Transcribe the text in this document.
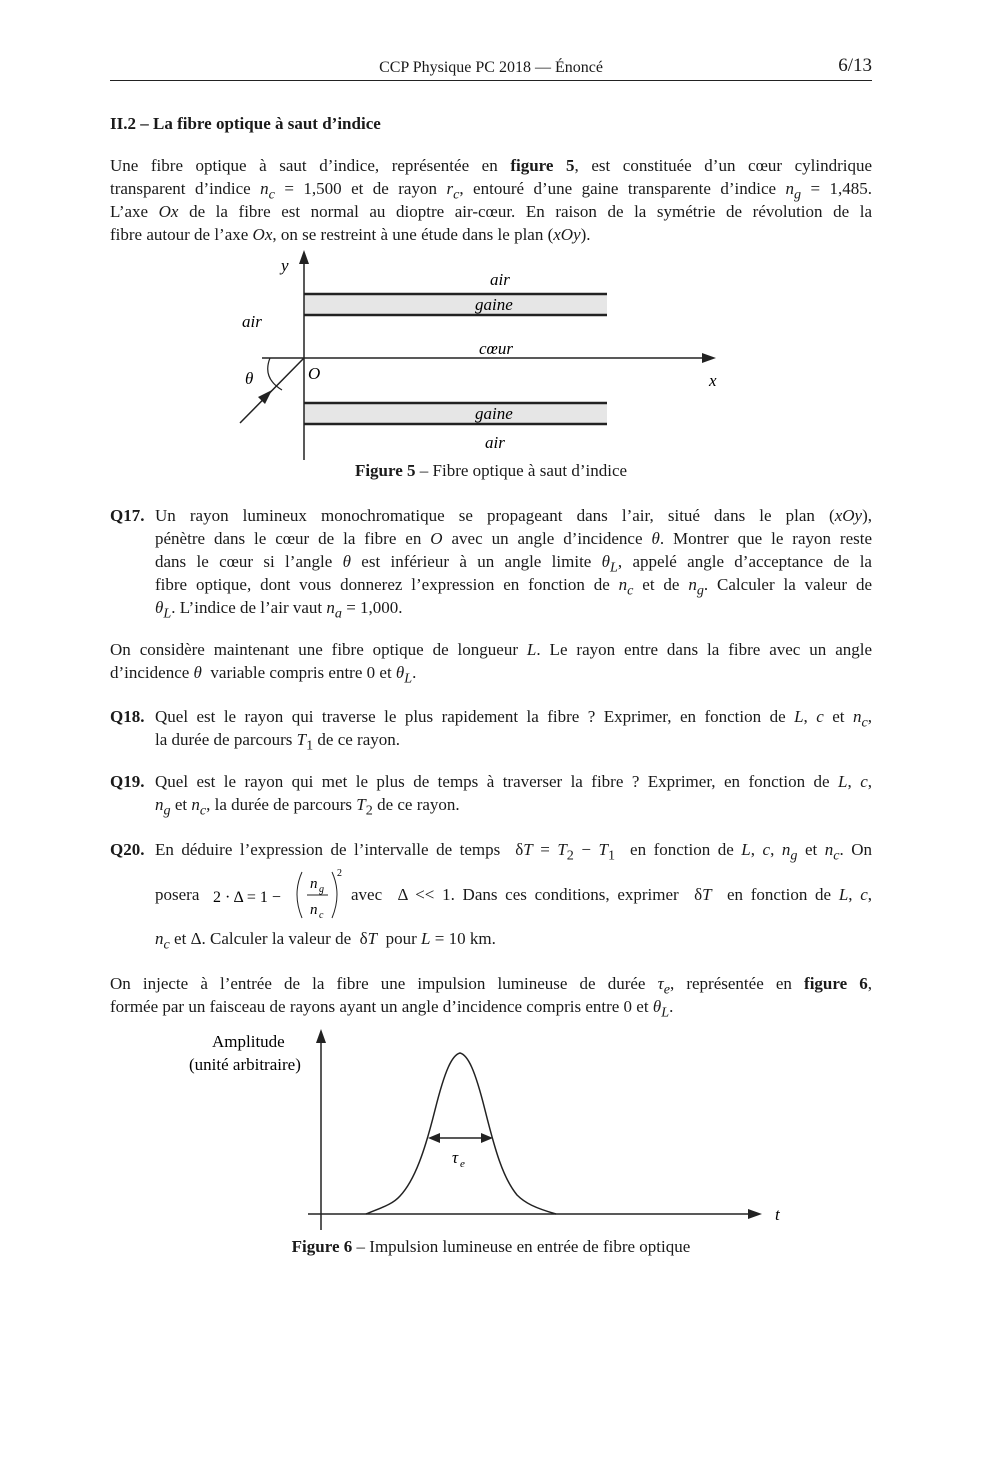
CCP Physique PC 2018 — Énoncé	6/13
II.2 – La fibre optique à saut d’indice
Une fibre optique à saut d’indice, représentée en figure 5, est constituée d’un cœur cylindrique
transparent d’indice $n_c = 1,500$ et de rayon $r_c$, entouré d’une gaine transparente d’indice $n_g = 1,485$.
L’axe Ox de la fibre est normal au dioptre air-cœur. En raison de la symétrie de révolution de la
fibre autour de l’axe Ox, on se restreint à une étude dans le plan (xOy).
y
x
O
θ
air
air
gaine
cœur
gaine
air
Figure 5 – Fibre optique à saut d’indice
Q17. Un rayon lumineux monochromatique se propageant dans l’air, situé dans le plan (xOy),
pénètre dans le cœur de la fibre en O avec un angle d’incidence θ. Montrer que le rayon reste
dans le cœur si l’angle θ est inférieur à un angle limite $\theta_L$, appelé angle d’acceptance de la
fibre optique, dont vous donnerez l’expression en fonction de $n_c$ et de $n_g$. Calculer la valeur de
$\theta_L$. L’indice de l’air vaut $n_a = 1,000$.
On considère maintenant une fibre optique de longueur L. Le rayon entre dans la fibre avec un angle
d’incidence θ variable compris entre 0 et $\theta_L$.
Q18. Quel est le rayon qui traverse le plus rapidement la fibre ? Exprimer, en fonction de L, c et $n_c$,
la durée de parcours $T_1$ de ce rayon.
Q19. Quel est le rayon qui met le plus de temps à traverser la fibre ? Exprimer, en fonction de L, c,
$n_g$ et $n_c$, la durée de parcours $T_2$ de ce rayon.
Q20. En déduire l’expression de l’intervalle de temps  $\delta T = T_2 - T_1$ en fonction de L, c, $n_g$ et $n_c$. On
posera 2 · Δ = 1 −
n g
n c
2
avec  Δ << 1. Dans ces conditions, exprimer  δT en fonction de L, c,
$n_c$ et Δ. Calculer la valeur de  δT pour L = 10 km.
On injecte à l’entrée de la fibre une impulsion lumineuse de durée $\tau_e$, représentée en figure 6,
formée par un faisceau de rayons ayant un angle d’incidence compris entre 0 et $\theta_L$.
Amplitude
(unité arbitraire)
t
τ e
Figure 6 – Impulsion lumineuse en entrée de fibre optique
